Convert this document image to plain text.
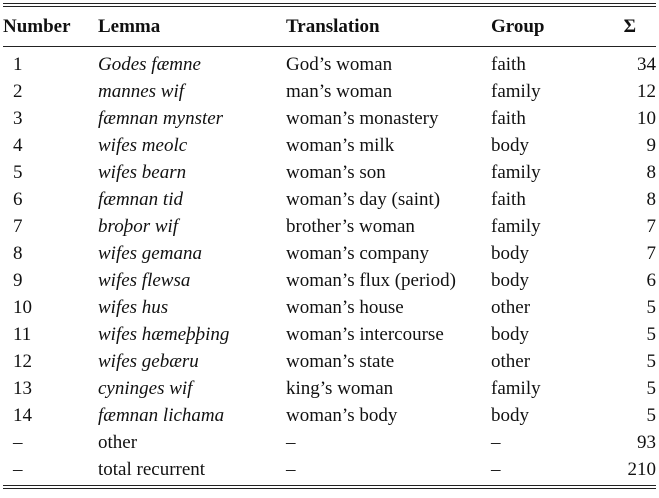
Number	Lemma	Translation	Group	Σ
1	Godes fæmne	God’s woman	faith	34
2	mannes wif	man’s woman	family	12
3	fæmnan mynster	woman’s monastery	faith	10
4	wifes meolc	woman’s milk	body	9
5	wifes bearn	woman’s son	family	8
6	fæmnan tid	woman’s day (saint)	faith	8
7	broþor wif	brother’s woman	family	7
8	wifes gemana	woman’s company	body	7
9	wifes flewsa	woman’s flux (period)	body	6
10	wifes hus	woman’s house	other	5
11	wifes hæmeþþing	woman’s intercourse	body	5
12	wifes gebæru	woman’s state	other	5
13	cyninges wif	king’s woman	family	5
14	fæmnan lichama	woman’s body	body	5
–	other	–	–	93
–	total recurrent	–	–	210
